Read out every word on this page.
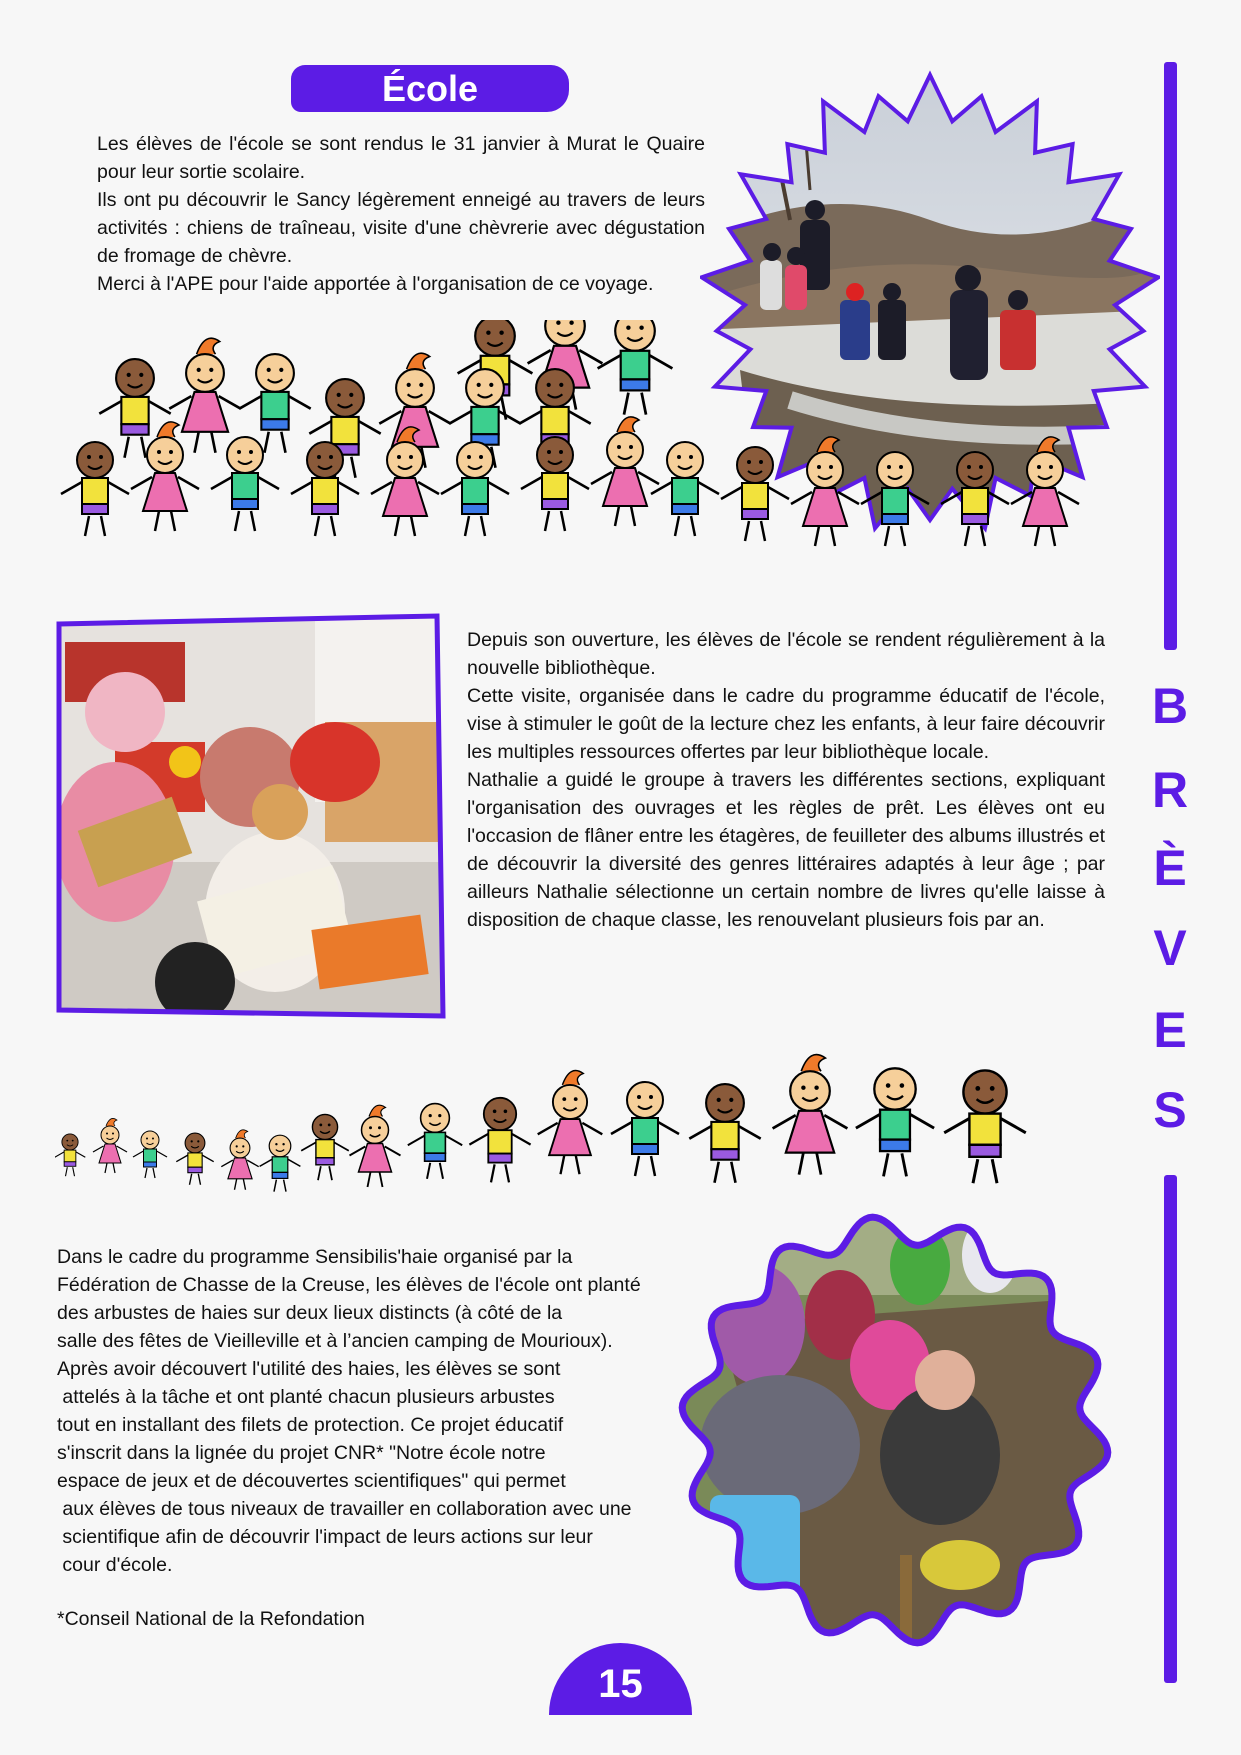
École

Les élèves de l'école se sont rendus le 31 janvier à Murat le Quaire pour leur sortie scolaire.

Ils ont pu découvrir le Sancy légèrement enneigé au travers de leurs activités : chiens de traîneau, visite d'une chèvrerie avec dégustation de fromage de chèvre.

Merci à l'APE pour l'aide apportée à l'organisation de ce voyage.

Depuis son ouverture, les élèves de l'école se rendent régulièrement à la nouvelle bibliothèque.

Cette visite, organisée dans le cadre du programme éducatif de l'école, vise à stimuler le goût de la lecture chez les enfants, à leur faire découvrir les multiples ressources offertes par leur bibliothèque locale.

Nathalie a guidé le groupe à travers les différentes sections, expliquant l'organisation des ouvrages et les règles de prêt. Les élèves ont eu l'occasion de flâner entre les étagères, de feuilleter des albums illustrés et de découvrir la diversité des genres littéraires adaptés à leur âge ; par ailleurs Nathalie sélectionne un certain nombre de livres qu'elle laisse à disposition de chaque classe, les renouvelant plusieurs fois par an.

Dans le cadre du programme Sensibilis'haie organisé par la

Fédération de Chasse de la Creuse, les élèves de l'école ont planté

des arbustes de haies sur deux lieux distincts (à côté de la

salle des fêtes de Vieilleville et à l’ancien camping de Mourioux).

Après avoir découvert l'utilité des haies, les élèves se sont

attelés à la tâche et ont planté chacun plusieurs arbustes

tout en installant des filets de protection. Ce projet éducatif

s'inscrit dans la lignée du projet CNR* "Notre école notre

espace de jeux et de découvertes scientifiques" qui permet

aux élèves de tous niveaux de travailler en collaboration avec une

scientifique afin de découvrir l'impact de leurs actions sur leur

cour d'école.

*Conseil National de la Refondation
B
R
È
V
E
S
15
